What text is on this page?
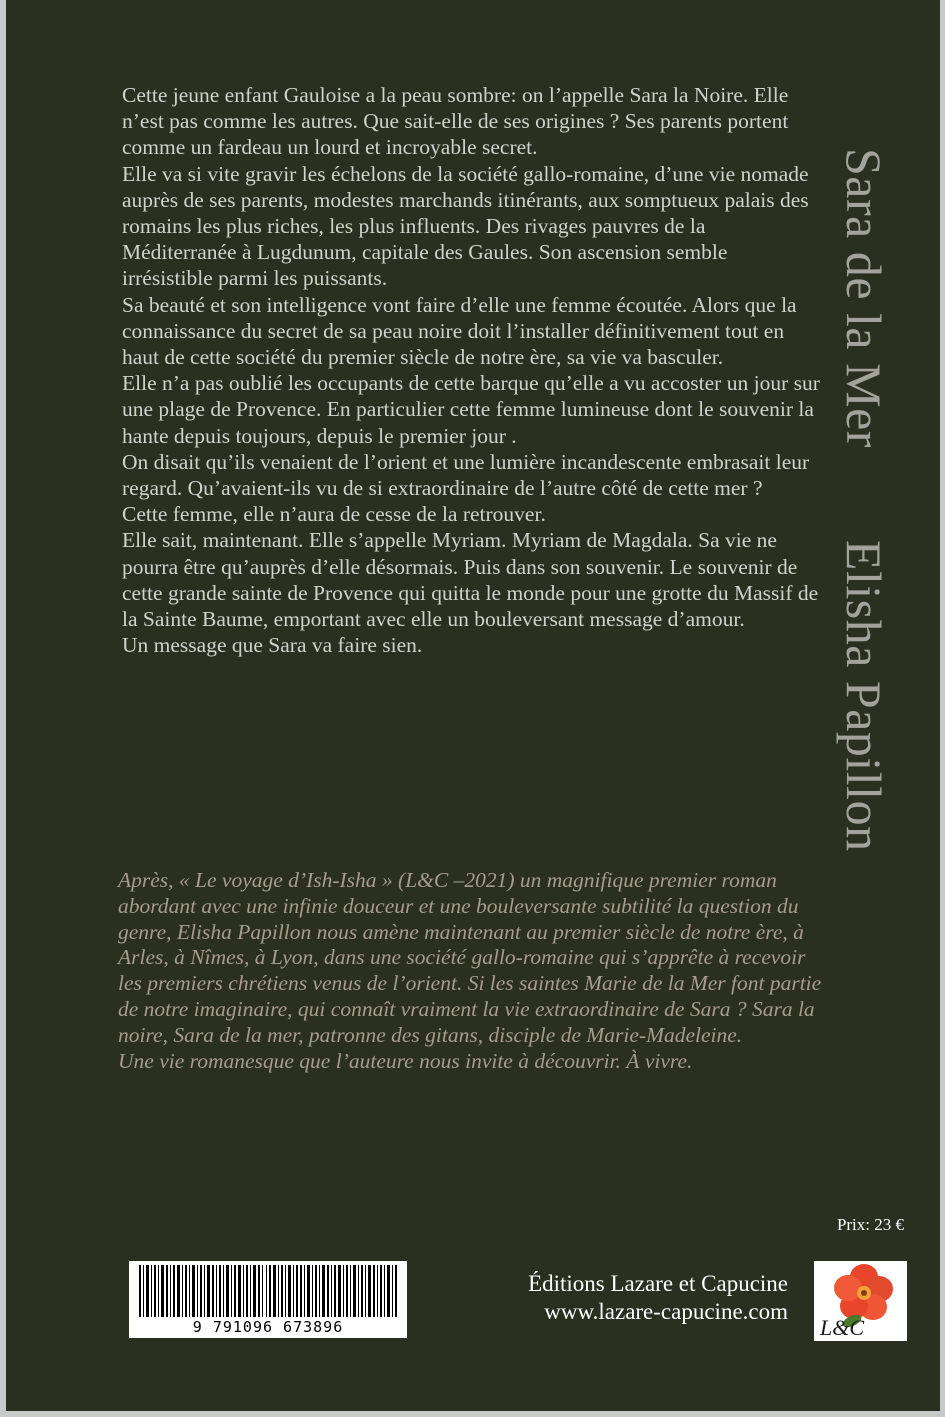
Cette jeune enfant Gauloise a la peau sombre: on l’appelle Sara la Noire. Elle n’est pas comme les autres. Que sait-elle de ses origines ? Ses parents portent comme un fardeau un lourd et incroyable secret.

Elle va si vite gravir les échelons de la société gallo-romaine, d’une vie nomade auprès de ses parents, modestes marchands itinérants, aux somptueux palais des romains les plus riches, les plus influents. Des rivages pauvres de la Méditerranée à Lugdunum, capitale des Gaules. Son ascension semble irrésistible parmi les puissants.

Sa beauté et son intelligence vont faire d’elle une femme écoutée. Alors que la connaissance du secret de sa peau noire doit l’installer définitivement tout en haut de cette société du premier siècle de notre ère, sa vie va basculer.

Elle n’a pas oublié les occupants de cette barque qu’elle a vu accoster un jour sur une plage de Provence. En particulier cette femme lumineuse dont le souvenir la hante depuis toujours, depuis le premier jour .

On disait qu’ils venaient de l’orient et une lumière incandescente embrasait leur regard. Qu’avaient-ils vu de si extraordinaire de l’autre côté de cette mer ?

Cette femme, elle n’aura de cesse de la retrouver.

Elle sait, maintenant. Elle s’appelle Myriam. Myriam de Magdala. Sa vie ne pourra être qu’auprès d’elle désormais. Puis dans son souvenir. Le souvenir de cette grande sainte de Provence qui quitta le monde pour une grotte du Massif de la Sainte Baume, emportant avec elle un bouleversant message d’amour.

Un message que Sara va faire sien.

Sara de la MerElisha Papillon

Après, « Le voyage d’Ish-Isha » (L&C –2021) un magnifique premier roman abordant avec une infinie douceur et une bouleversante subtilité la question du genre, Elisha Papillon nous amène maintenant au premier siècle de notre ère, à Arles, à Nîmes, à Lyon, dans une société gallo-romaine qui s’apprête à recevoir les premiers chrétiens venus de l’orient. Si les saintes Marie de la Mer font partie de notre imaginaire, qui connaît vraiment la vie extraordinaire de Sara ? Sara la noire, Sara de la mer, patronne des gitans, disciple de Marie-Madeleine.

Une vie romanesque que l’auteure nous invite à découvrir. À vivre.

Prix: 23 €
9 791096 673896
Éditions Lazare et Capucine
www.lazare-capucine.com
L&C
